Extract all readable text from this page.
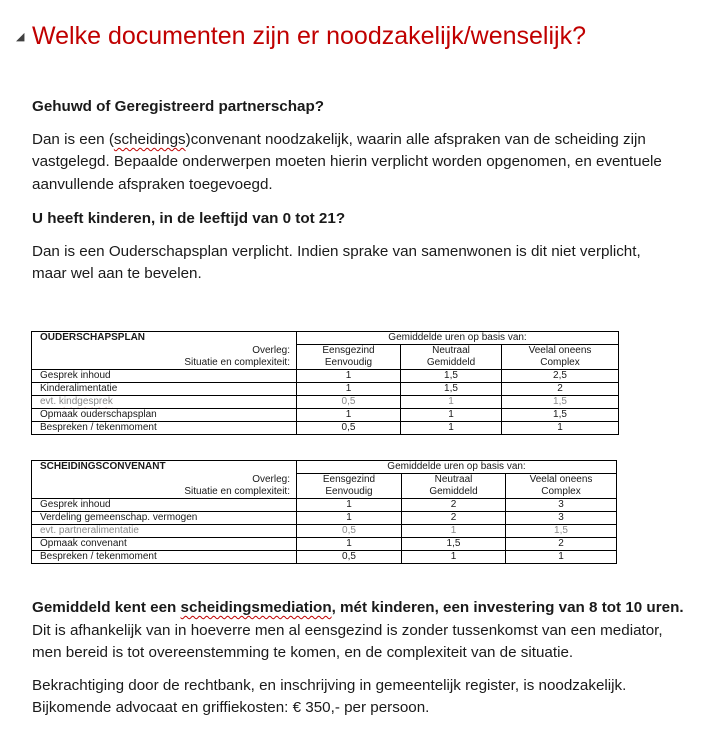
◢ Welke documenten zijn er noodzakelijk/wenselijk?
Gehuwd of Geregistreerd partnerschap?
Dan is een (scheidings)convenant noodzakelijk, waarin alle afspraken van de scheiding zijn
vastgelegd. Bepaalde onderwerpen moeten hierin verplicht worden opgenomen, en eventuele
aanvullende afspraken toegevoegd.
U heeft kinderen, in de leeftijd van 0 tot 21?
Dan is een Ouderschapsplan verplicht. Indien sprake van samenwonen is dit niet verplicht,
maar wel aan te bevelen.
OUDERSCHAPSPLAN	Gemiddelde uren op basis van:		
Overleg:	Eensgezind	Neutraal	Veelal oneens
Situatie en complexiteit:	Eenvoudig	Gemiddeld	Complex
Gesprek inhoud	1	1,5	2,5
Kinderalimentatie	1	1,5	2
evt. kindgesprek	0,5	1	1,5
Opmaak ouderschapsplan	1	1	1,5
Bespreken / tekenmoment	0,5	1	1
SCHEIDINGSCONVENANT	Gemiddelde uren op basis van:		
Overleg:	Eensgezind	Neutraal	Veelal oneens
Situatie en complexiteit:	Eenvoudig	Gemiddeld	Complex
Gesprek inhoud	1	2	3
Verdeling gemeenschap. vermogen	1	2	3
evt. partneralimentatie	0,5	1	1,5
Opmaak convenant	1	1,5	2
Bespreken / tekenmoment	0,5	1	1
Gemiddeld kent een scheidingsmediation, mét kinderen, een investering van 8 tot 10 uren.
Dit is afhankelijk van in hoeverre men al eensgezind is zonder tussenkomst van een mediator,
men bereid is tot overeenstemming te komen, en de complexiteit van de situatie.
Bekrachtiging door de rechtbank, en inschrijving in gemeentelijk register, is noodzakelijk.
Bijkomende advocaat en griffiekosten: € 350,- per persoon.
